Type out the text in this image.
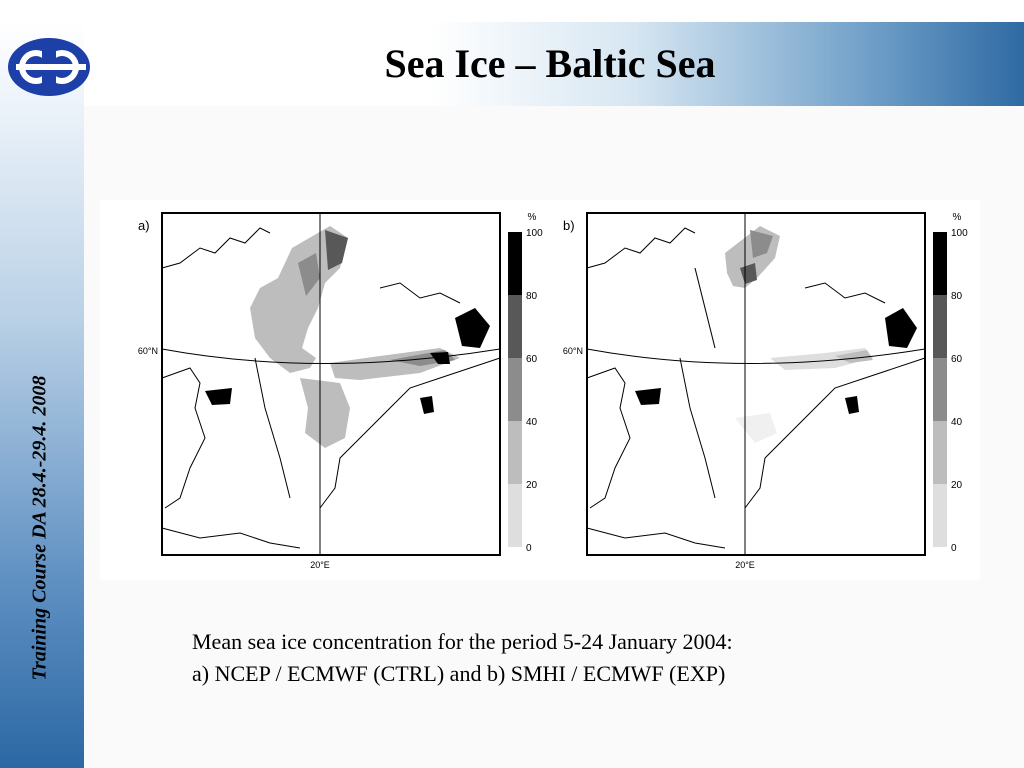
Sea Ice – Baltic Sea
Training Course DA 28.4.-29.4. 2008
a)
60°N
20°E
%
100
80
60
40
20
0
b)
60°N
20°E
%
100
80
60
40
20
0
Mean sea ice concentration for the period 5-24 January 2004:
a) NCEP / ECMWF (CTRL) and b) SMHI / ECMWF (EXP)
